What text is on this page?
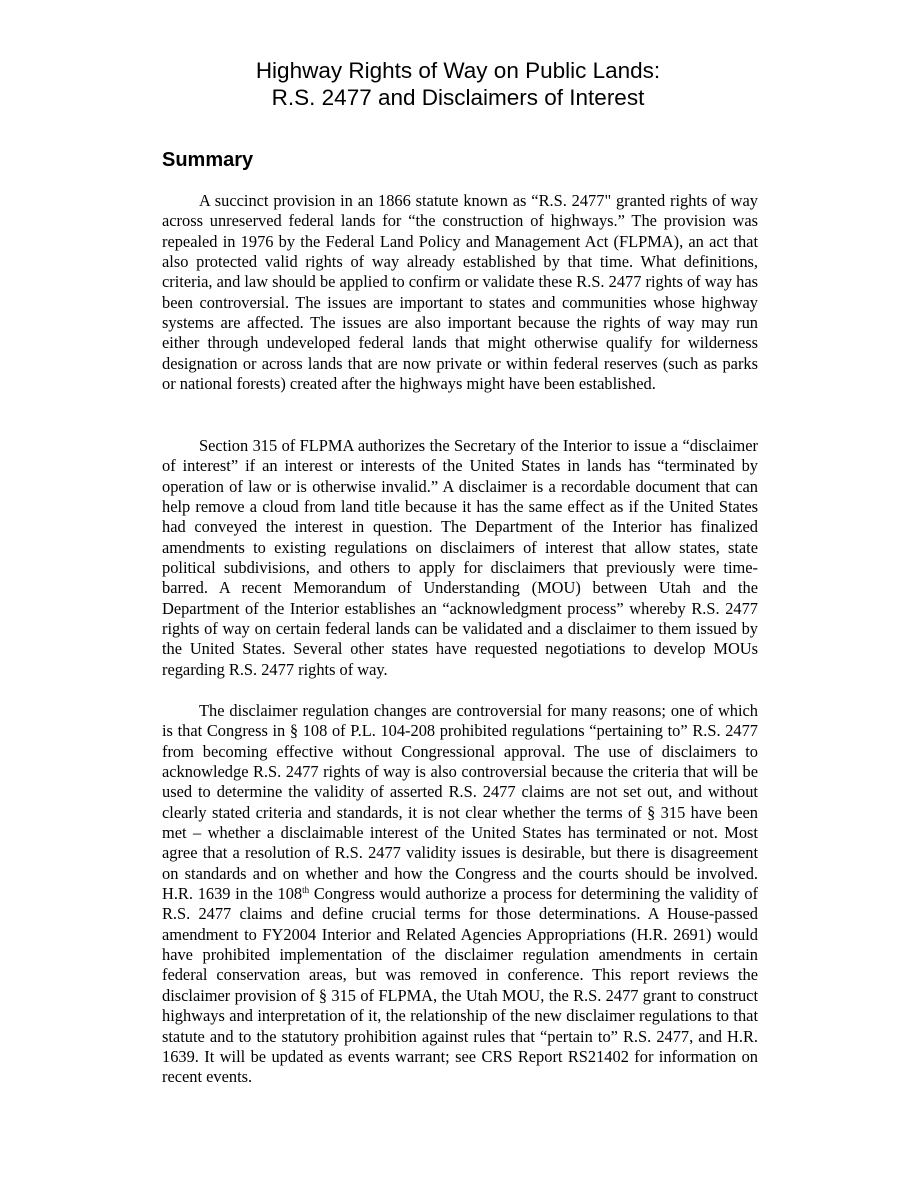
Highway Rights of Way on Public Lands:
R.S. 2477 and Disclaimers of Interest
Summary

A succinct provision in an 1866 statute known as “R.S. 2477" granted rights of way across unreserved federal lands for “the construction of highways.” The provision was repealed in 1976 by the Federal Land Policy and Management Act (FLPMA), an act that also protected valid rights of way already established by that time. What definitions, criteria, and law should be applied to confirm or validate these R.S. 2477 rights of way has been controversial. The issues are important to states and communities whose highway systems are affected. The issues are also important because the rights of way may run either through undeveloped federal lands that might otherwise qualify for wilderness designation or across lands that are now private or within federal reserves (such as parks or national forests) created after the highways might have been established.

Section 315 of FLPMA authorizes the Secretary of the Interior to issue a “disclaimer of interest” if an interest or interests of the United States in lands has “terminated by operation of law or is otherwise invalid.” A disclaimer is a recordable document that can help remove a cloud from land title because it has the same effect as if the United States had conveyed the interest in question. The Department of the Interior has finalized amendments to existing regulations on disclaimers of interest that allow states, state political subdivisions, and others to apply for disclaimers that previously were time-barred. A recent Memorandum of Understanding (MOU) between Utah and the Department of the Interior establishes an “acknowledgment process” whereby R.S. 2477 rights of way on certain federal lands can be validated and a disclaimer to them issued by the United States. Several other states have requested negotiations to develop MOUs regarding R.S. 2477 rights of way.

The disclaimer regulation changes are controversial for many reasons; one of which is that Congress in § 108 of P.L. 104-208 prohibited regulations “pertaining to” R.S. 2477 from becoming effective without Congressional approval. The use of disclaimers to acknowledge R.S. 2477 rights of way is also controversial because the criteria that will be used to determine the validity of asserted R.S. 2477 claims are not set out, and without clearly stated criteria and standards, it is not clear whether the terms of § 315 have been met – whether a disclaimable interest of the United States has terminated or not. Most agree that a resolution of R.S. 2477 validity issues is desirable, but there is disagreement on standards and on whether and how the Congress and the courts should be involved. H.R. 1639 in the 108th Congress would authorize a process for determining the validity of R.S. 2477 claims and define crucial terms for those determinations. A House-passed amendment to FY2004 Interior and Related Agencies Appropriations (H.R. 2691) would have prohibited implementation of the disclaimer regulation amendments in certain federal conservation areas, but was removed in conference. This report reviews the disclaimer provision of § 315 of FLPMA, the Utah MOU, the R.S. 2477 grant to construct highways and interpretation of it, the relationship of the new disclaimer regulations to that statute and to the statutory prohibition against rules that “pertain to” R.S. 2477, and H.R. 1639. It will be updated as events warrant; see CRS Report RS21402 for information on recent events.
